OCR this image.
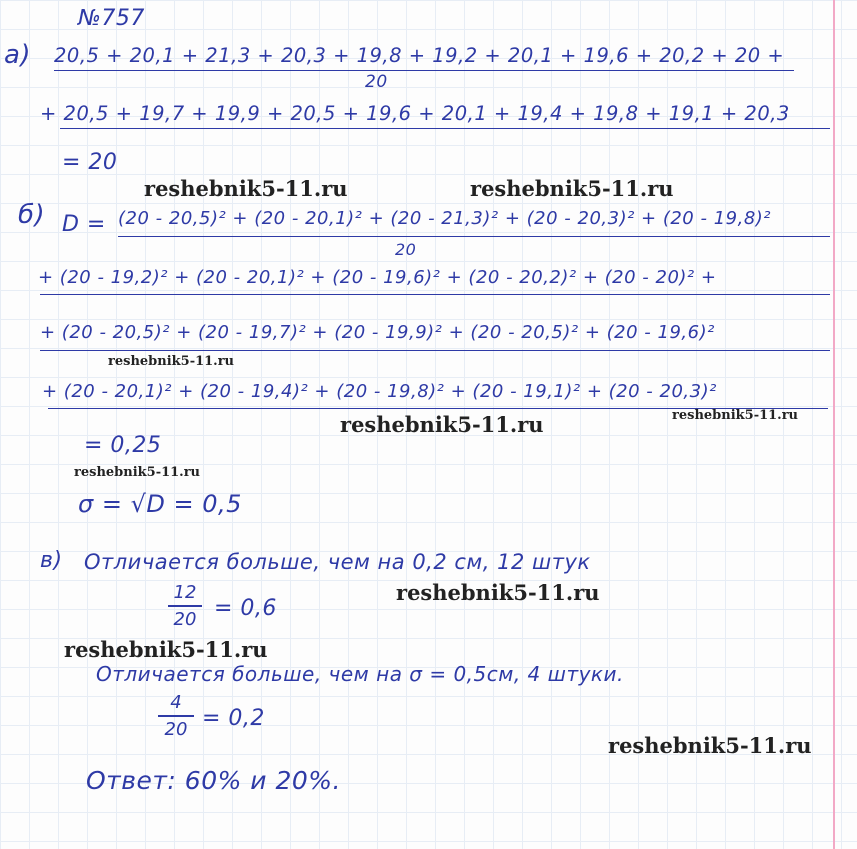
№757
а) 20,5 + 20,1 + 21,3 + 20,3 + 19,8 + 19,2 + 20,1 + 19,6 + 20,2 + 20 +
20
+ 20,5 + 19,7 + 19,9 + 20,5 + 19,6 + 20,1 + 19,4 + 19,8 + 19,1 + 20,3
= 20
б) D = (20 - 20,5)² + (20 - 20,1)² + (20 - 21,3)² + (20 - 20,3)² + (20 - 19,8)²
20
+ (20 - 19,2)² + (20 - 20,1)² + (20 - 19,6)² + (20 - 20,2)² + (20 - 20)² +
+ (20 - 20,5)² + (20 - 19,7)² + (20 - 19,9)² + (20 - 20,5)² + (20 - 19,6)²
+ (20 - 20,1)² + (20 - 19,4)² + (20 - 19,8)² + (20 - 19,1)² + (20 - 20,3)²
= 0,25
σ = √D = 0,5
в) Отличается больше, чем на 0,2 см, 12 штук
12
20 = 0,6
Отличается больше, чем на σ = 0,5см, 4 штуки.
4
20 = 0,2
Ответ: 60% и 20%.
reshebnik5-11.ru	reshebnik5-11.ru
reshebnik5-11.ru
reshebnik5-11.ru	reshebnik5-11.ru
reshebnik5-11.ru
reshebnik5-11.ru
reshebnik5-11.ru
reshebnik5-11.ru
